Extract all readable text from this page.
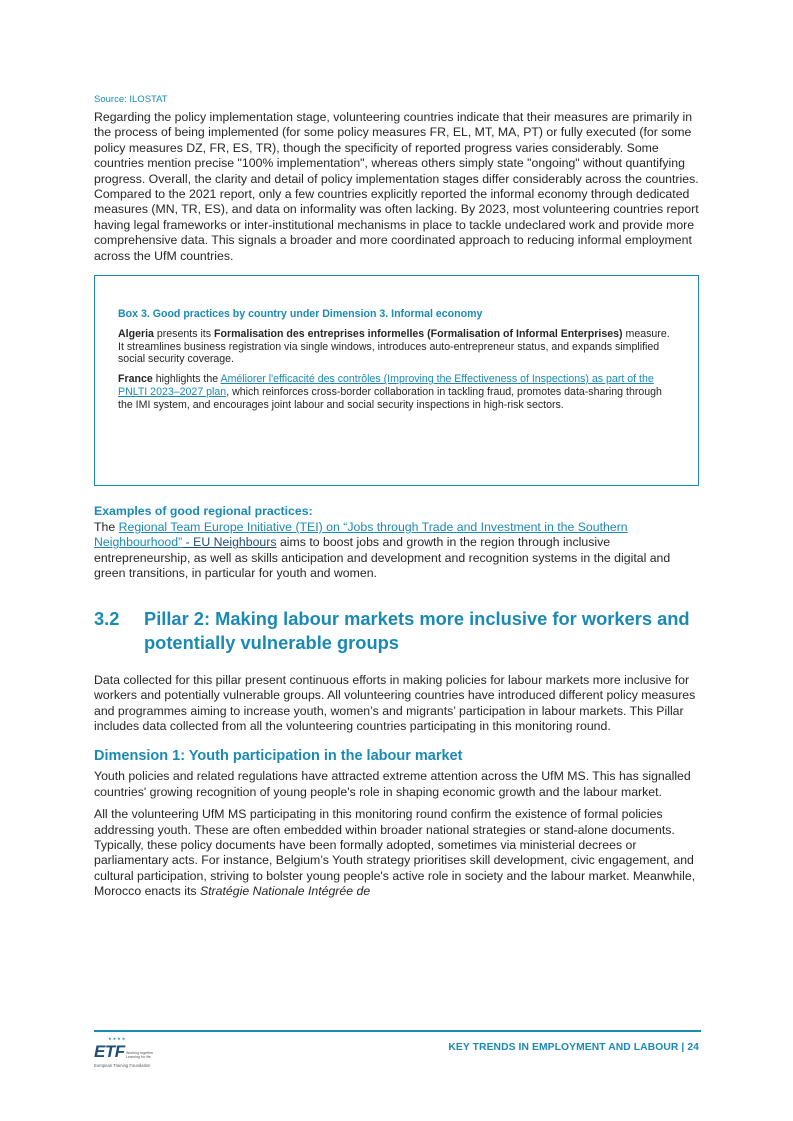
Source: ILOSTAT

Regarding the policy implementation stage, volunteering countries indicate that their measures are primarily in the process of being implemented (for some policy measures FR, EL, MT, MA, PT) or fully executed (for some policy measures DZ, FR, ES, TR), though the specificity of reported progress varies considerably. Some countries mention precise "100% implementation", whereas others simply state "ongoing" without quantifying progress. Overall, the clarity and detail of policy implementation stages differ considerably across the countries. Compared to the 2021 report, only a few countries explicitly reported the informal economy through dedicated measures (MN, TR, ES), and data on informality was often lacking. By 2023, most volunteering countries report having legal frameworks or inter-institutional mechanisms in place to tackle undeclared work and provide more comprehensive data. This signals a broader and more coordinated approach to reducing informal employment across the UfM countries.

Box 3. Good practices by country under Dimension 3. Informal economy

Algeria presents its Formalisation des entreprises informelles (Formalisation of Informal Enterprises) measure. It streamlines business registration via single windows, introduces auto-entrepreneur status, and expands simplified social security coverage.

France highlights the Améliorer l'efficacité des contrôles (Improving the Effectiveness of Inspections) as part of the PNLTI 2023–2027 plan, which reinforces cross-border collaboration in tackling fraud, promotes data-sharing through the IMI system, and encourages joint labour and social security inspections in high-risk sectors.

Examples of good regional practices:

The Regional Team Europe Initiative (TEI) on “Jobs through Trade and Investment in the Southern Neighbourhood” - EU Neighbours aims to boost jobs and growth in the region through inclusive entrepreneurship, as well as skills anticipation and development and recognition systems in the digital and green transitions, in particular for youth and women.

3.2	Pillar 2: Making labour markets more inclusive for workers and potentially vulnerable groups

Data collected for this pillar present continuous efforts in making policies for labour markets more inclusive for workers and potentially vulnerable groups. All volunteering countries have introduced different policy measures and programmes aiming to increase youth, women’s and migrants’ participation in labour markets. This Pillar includes data collected from all the volunteering countries participating in this monitoring round.

Dimension 1: Youth participation in the labour market

Youth policies and related regulations have attracted extreme attention across the UfM MS. This has signalled countries' growing recognition of young people's role in shaping economic growth and the labour market.

All the volunteering UfM MS participating in this monitoring round confirm the existence of formal policies addressing youth. These are often embedded within broader national strategies or stand-alone documents. Typically, these policy documents have been formally adopted, sometimes via ministerial decrees or parliamentary acts. For instance, Belgium’s Youth strategy prioritises skill development, civic engagement, and cultural participation, striving to bolster young people's active role in society and the labour market. Meanwhile, Morocco enacts its Stratégie Nationale Intégrée de

★★★★
ETF Working together Learning for life
European Training Foundation
KEY TRENDS IN EMPLOYMENT AND LABOUR | 24
